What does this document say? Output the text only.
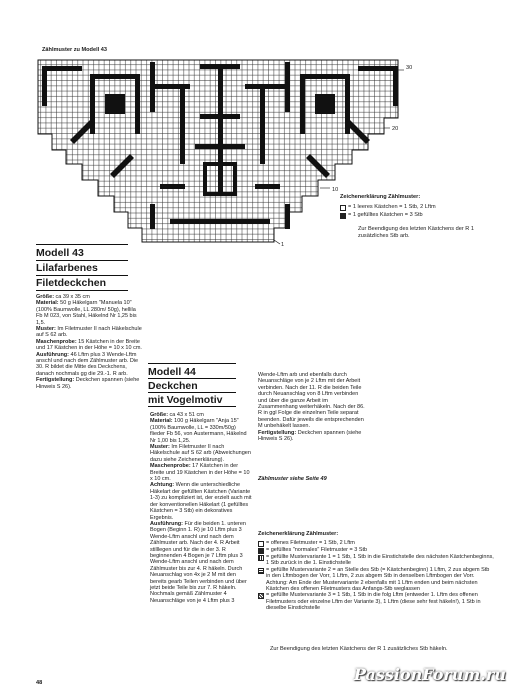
Zählmuster zu Modell 43
30
20
10
1
Zeichenerklärung Zählmuster:
= 1 leeres Kästchen = 1 Stb, 2 Lftm
= 1 gefülltes Kästchen = 3 Stb
Zur Beendigung des letzten Kästchens der R 1 zusätzliches Stb arb.
Modell 43
Lilafarbenes
Filetdeckchen

Größe: ca 39 x 35 cm

Material: 50 g Häkelgarn "Manuela 10" (100% Baumwolle, LL 280m/ 50g), hellila Fb M 023, von Stahl, Häkelnd Nr 1,25 bis 1,5.

Muster: Im Filetmuster II nach Häkelschule auf S 62 arb.

Maschenprobe: 15 Kästchen in der Breite und 17 Kästchen in der Höhe = 10 x 10 cm.

Ausführung: 46 Lftm plus 3 Wende-Lftm anschl und nach dem Zählmuster arb. Die 30. R bildet die Mitte des Deckchens, danach nochmals gg die 29.-1. R arb.

Fertigstellung: Deckchen spannen (siehe Hinweis S 26).

Modell 44
Deckchen
mit Vogelmotiv

Größe: ca 43 x 51 cm

Material: 100 g Häkelgarn "Anja 15" (100% Baumwolle, LL = 330m/50g) flieder Fb 56, von Austermann, Häkelnd Nr 1,00 bis 1,25.

Muster: Im Filetmuster II nach Häkelschule auf S 62 arb (Abweichungen dazu siehe Zeichenerklärung).

Maschenprobe: 17 Kästchen in der Breite und 19 Kästchen in der Höhe = 10 x 10 cm.

Achtung: Wenn die unterschiedliche Häkelart der gefüllten Kästchen (Variante 1-3) zu kompliziert ist, der erzielt auch mit der konventionellen Häkelart (1 gefülltes Kästchen = 3 Stb) ein dekoratives Ergebnis.

Ausführung: Für die beiden 1. unteren Bogen (Beginn 1. R) je 10 Lftm plus 3 Wende-Lftm anschl und nach dem Zählmuster arb. Nach der 4. R Arbeit stilllegen und für die in der 3. R beginnenden 4 Bogen je 7 Lftm plus 3 Wende-Lftm anschl und nach dem Zählmuster bis zur 4. R häkeln. Durch Neuanschlag von 4x je 2 M mit den bereits gearb Teilen verbinden und über jetzt beide Teile bis zur 7. R häkeln. Nochmals gemäß Zählmuster 4 Neuanschläge von je 4 Lftm plus 3

Wende-Lftm arb und ebenfalls durch Neuanschläge von je 2 Lftm mit der Arbeit verbinden. Nach der 11. R die beiden Teile durch Neuanschlag von 8 Lftm verbinden und über die ganze Arbeit im Zusammenhang weiterhäkeln. Nach der 86. R in ggl Folge die einzelnen Teile separat beenden. Dafür jeweils die entsprechenden M unbehäkelt lassen.

Fertigstellung: Deckchen spannen (siehe Hinweis S 26).

Zählmuster siehe Seite 49
Zeichenerklärung Zählmuster:
= offenes Filetmuster = 1 Stb, 2 Lftm
= gefülltes "normales" Filetmuster = 3 Stb
= gefüllte Mustervariante 1 = 1 Stb, 1 Stb in die Einstichstelle des nächsten Kästchenbeginns, 1 Stb zurück in die 1. Einstichstelle
= gefüllte Mustervariante 2 = an Stelle des Stb (= Kästchenbeginn) 1 Lftm, 2 zus abgem Stb in den Lftmbogen der Vorr, 1 Lftm, 2 zus abgem Stb in denselben Lftmbogen der Vorr. Achtung: Am Ende der Mustervariante 2 ebenfalls mit 1 Lftm enden und beim nächsten Kästchen des offenen Filetmusters das Anfangs-Stb weglassen
= gefüllte Mustervariante 3 = 1 Stb, 1 Stb in die folg Lftm (entweder 1. Lftm des offenen Filetmusters oder einzelne Lftm der Variante 3), 1 Lftm (diese sehr fest häkeln!), 1 Stb in dieselbe Einstichstelle
Zur Beendigung des letzten Kästchens der R 1 zusätzliches Stb häkeln.
48	PassionForum.ru
